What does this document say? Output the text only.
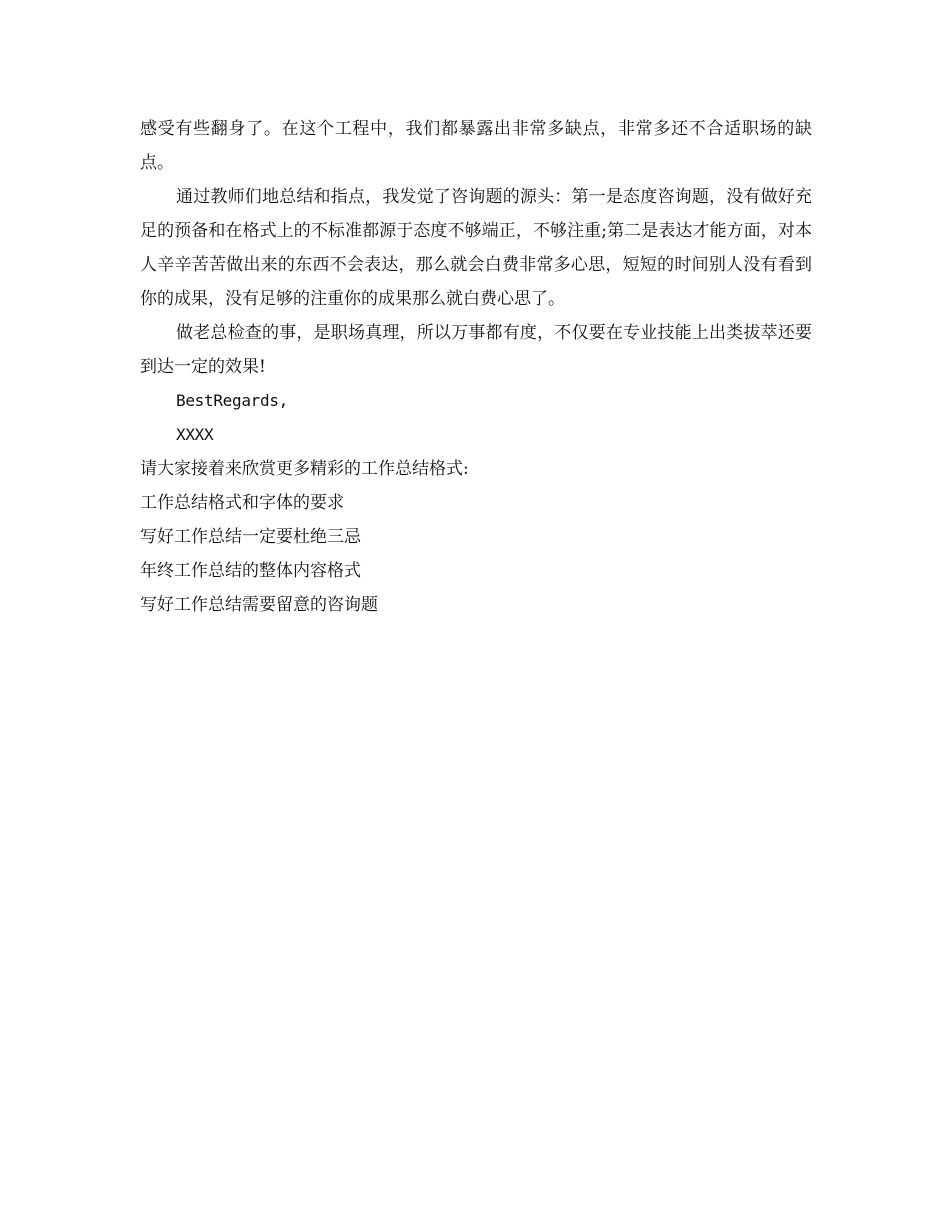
感受有些翻身了。在这个工程中，我们都暴露出非常多缺点，非常多还不合适职场的缺点。

通过教师们地总结和指点，我发觉了咨询题的源头：第一是态度咨询题，没有做好充足的预备和在格式上的不标准都源于态度不够端正，不够注重;第二是表达才能方面，对本人辛辛苦苦做出来的东西不会表达，那么就会白费非常多心思，短短的时间别人没有看到你的成果，没有足够的注重你的成果那么就白费心思了。

做老总检查的事，是职场真理，所以万事都有度，不仅要在专业技能上出类拔萃还要到达一定的效果!

BestRegards,

XXXX

请大家接着来欣赏更多精彩的工作总结格式:

工作总结格式和字体的要求

写好工作总结一定要杜绝三忌

年终工作总结的整体内容格式

写好工作总结需要留意的咨询题
